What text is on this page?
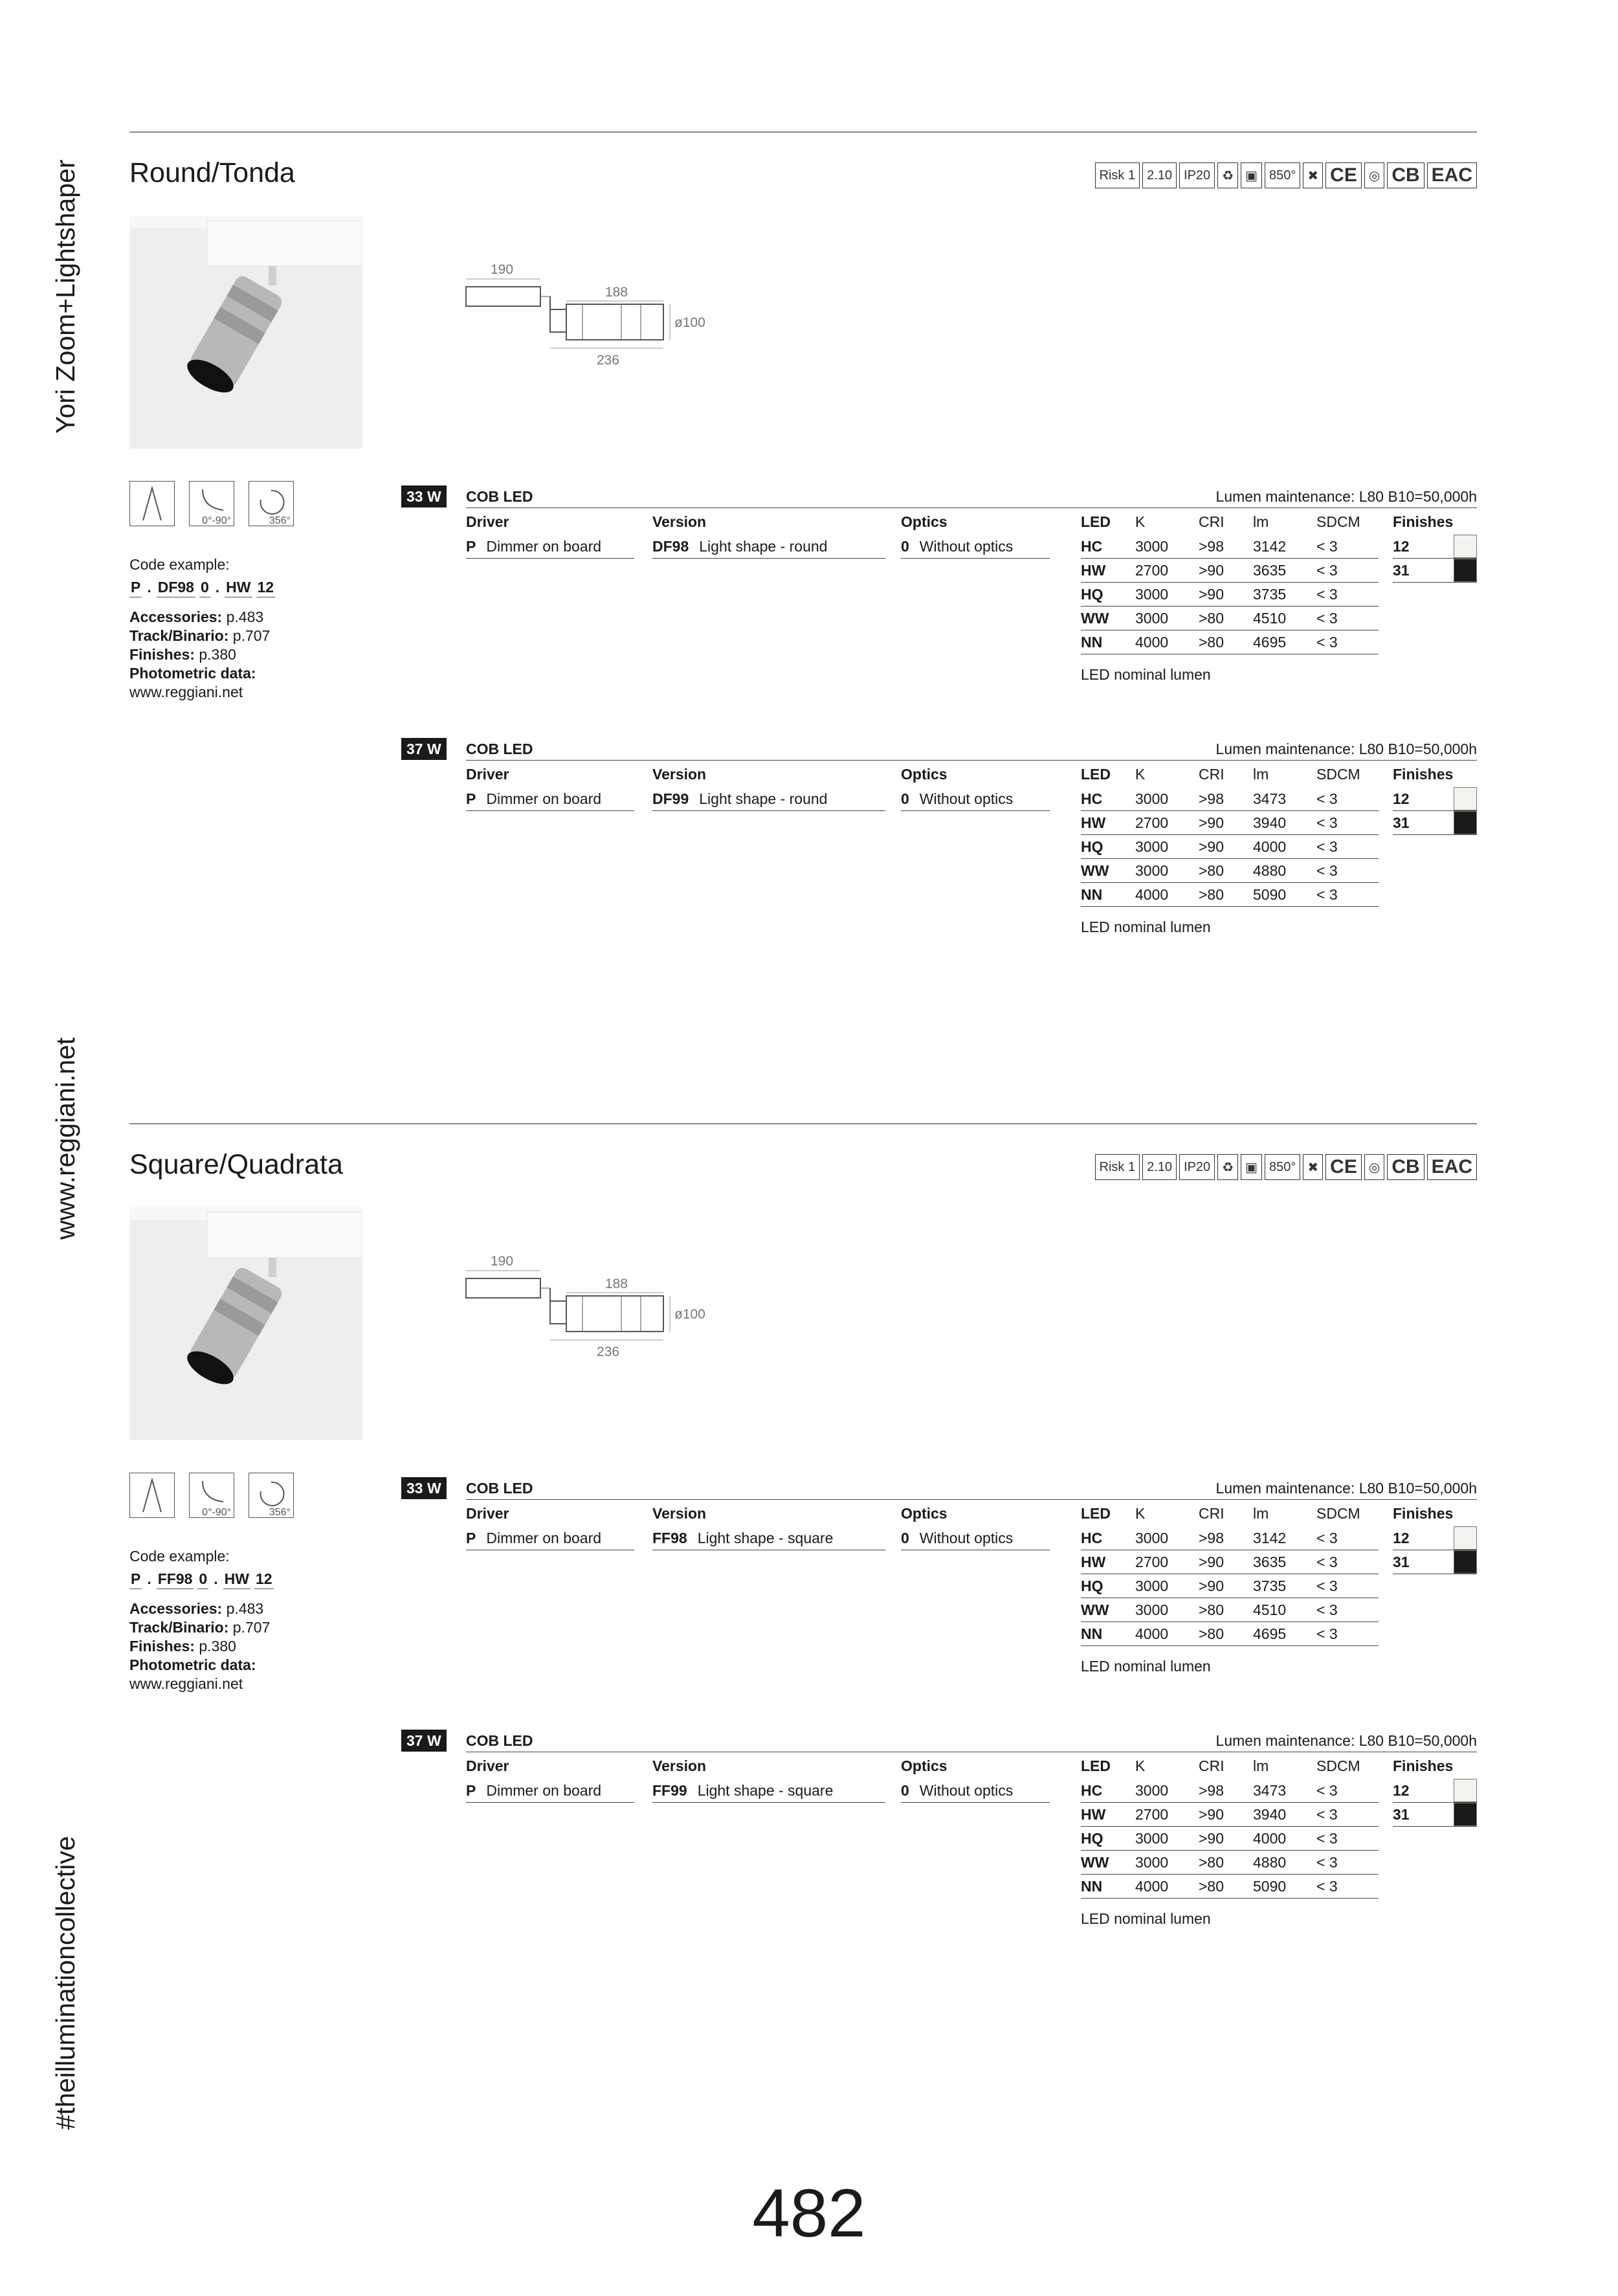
Yori Zoom+Lightshaper
www.reggiani.net
#theilluminationcollective
Round/Tonda	Risk 1 2.10 IP20 ♻ ▣ 850° ✖ CE ◎ CB EAC
190
188
ø100
236
0°-90°	356°
Code example:
P . DF98 0 . HW 12
Accessories: p.483
Track/Binario: p.707
Finishes: p.380
Photometric data:
www.reggiani.net
33 W	COB LED	Lumen maintenance: L80 B10=50,000h
Driver
P Dimmer on board
Version
DF98 Light shape - round
Optics
0 Without optics
LED	K	CRI	lm	SDCM
HC	3000	>98	3142	< 3
HW	2700	>90	3635	< 3
HQ	3000	>90	3735	< 3
WW	3000	>80	4510	< 3
NN	4000	>80	4695	< 3
LED nominal lumen
Finishes
12
31
37 W	COB LED	Lumen maintenance: L80 B10=50,000h
Driver
P Dimmer on board
Version
DF99 Light shape - round
Optics
0 Without optics
LED	K	CRI	lm	SDCM
HC	3000	>98	3473	< 3
HW	2700	>90	3940	< 3
HQ	3000	>90	4000	< 3
WW	3000	>80	4880	< 3
NN	4000	>80	5090	< 3
LED nominal lumen
Finishes
12
31
Square/Quadrata	Risk 1 2.10 IP20 ♻ ▣ 850° ✖ CE ◎ CB EAC
190
188
ø100
236
0°-90°	356°
Code example:
P . FF98 0 . HW 12
Accessories: p.483
Track/Binario: p.707
Finishes: p.380
Photometric data:
www.reggiani.net
33 W	COB LED	Lumen maintenance: L80 B10=50,000h
Driver
P Dimmer on board
Version
FF98 Light shape - square
Optics
0 Without optics
LED	K	CRI	lm	SDCM
HC	3000	>98	3142	< 3
HW	2700	>90	3635	< 3
HQ	3000	>90	3735	< 3
WW	3000	>80	4510	< 3
NN	4000	>80	4695	< 3
LED nominal lumen
Finishes
12
31
37 W	COB LED	Lumen maintenance: L80 B10=50,000h
Driver
P Dimmer on board
Version
FF99 Light shape - square
Optics
0 Without optics
LED	K	CRI	lm	SDCM
HC	3000	>98	3473	< 3
HW	2700	>90	3940	< 3
HQ	3000	>90	4000	< 3
WW	3000	>80	4880	< 3
NN	4000	>80	5090	< 3
LED nominal lumen
Finishes
12
31
482
